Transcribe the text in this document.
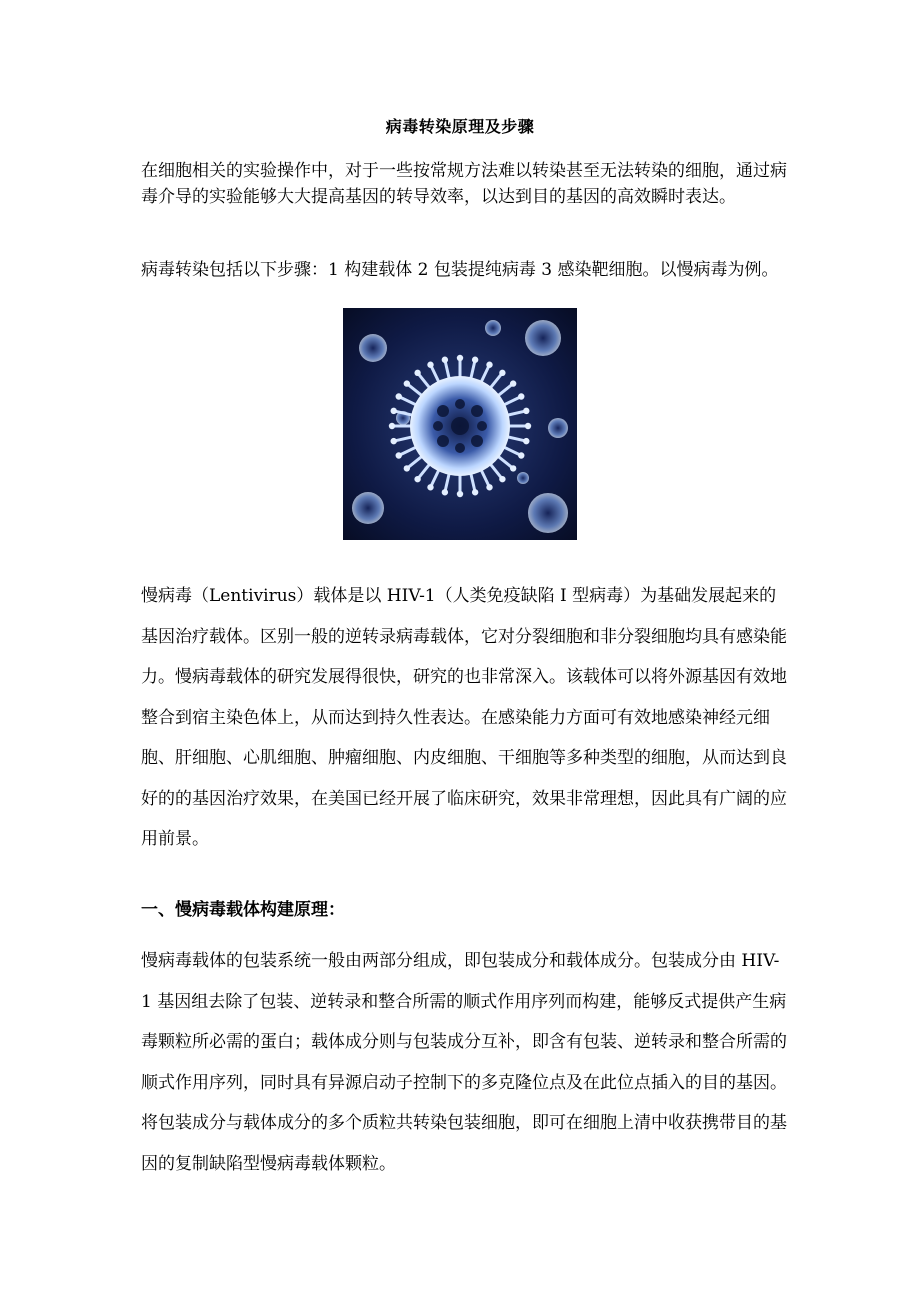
病毒转染原理及步骤

在细胞相关的实验操作中，对于一些按常规方法难以转染甚至无法转染的细胞，通过病毒介导的实验能够大大提高基因的转导效率，以达到目的基因的高效瞬时表达。

病毒转染包括以下步骤：1 构建载体 2 包装提纯病毒 3 感染靶细胞。以慢病毒为例。

慢病毒（Lentivirus）载体是以 HIV-1（人类免疫缺陷 I 型病毒）为基础发展起来的基因治疗载体。区别一般的逆转录病毒载体，它对分裂细胞和非分裂细胞均具有感染能力。慢病毒载体的研究发展得很快，研究的也非常深入。该载体可以将外源基因有效地整合到宿主染色体上，从而达到持久性表达。在感染能力方面可有效地感染神经元细胞、肝细胞、心肌细胞、肿瘤细胞、内皮细胞、干细胞等多种类型的细胞，从而达到良好的的基因治疗效果，在美国已经开展了临床研究，效果非常理想，因此具有广阔的应用前景。

一、慢病毒载体构建原理：

慢病毒载体的包装系统一般由两部分组成，即包装成分和载体成分。包装成分由 HIV-1 基因组去除了包装、逆转录和整合所需的顺式作用序列而构建，能够反式提供产生病毒颗粒所必需的蛋白；载体成分则与包装成分互补，即含有包装、逆转录和整合所需的顺式作用序列，同时具有异源启动子控制下的多克隆位点及在此位点插入的目的基因。将包装成分与载体成分的多个质粒共转染包装细胞，即可在细胞上清中收获携带目的基因的复制缺陷型慢病毒载体颗粒。
